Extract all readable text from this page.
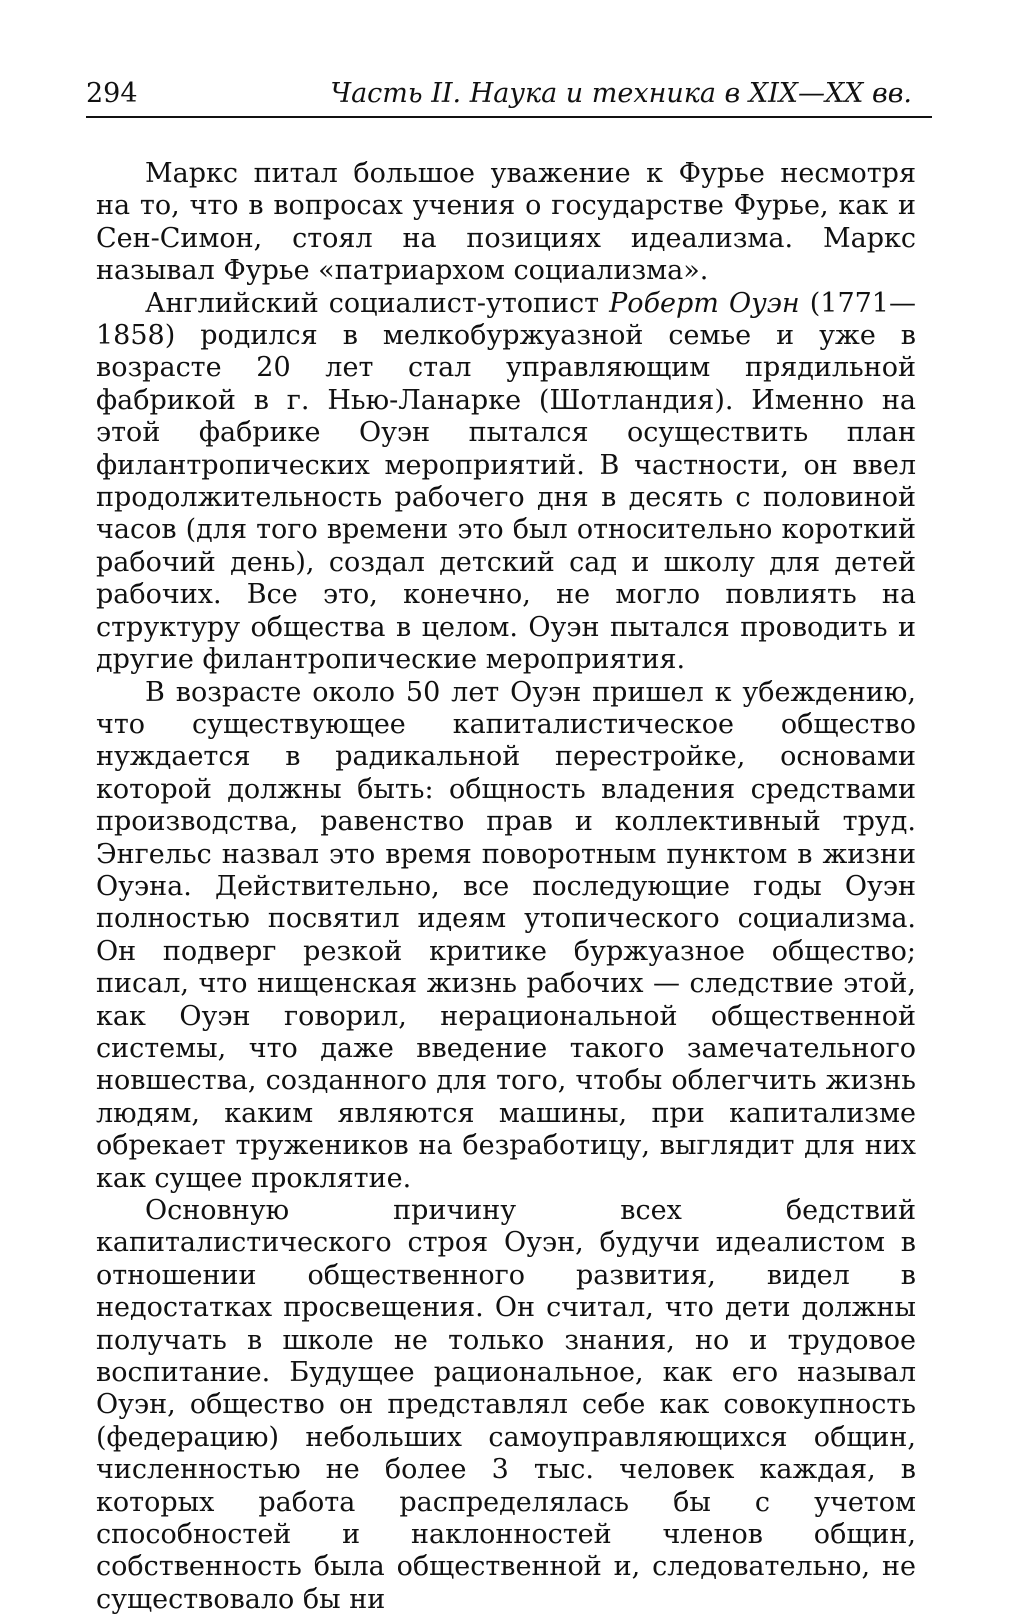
294	Часть II. Наука и техника в XIX—XX вв.

Маркс питал большое уважение к Фурье несмотря на то, что в вопросах учения о государстве Фурье, как и Сен-Симон, стоял на позициях идеализма. Маркс называл Фурье «патриархом социализма».

Английский социалист-утопист Роберт Оуэн (1771—1858) родился в мелкобуржуазной семье и уже в возрасте 20 лет стал управляющим прядильной фабрикой в г. Нью-Ланарке (Шотландия). Именно на этой фабрике Оуэн пытался осуществить план филантропических мероприятий. В частности, он ввел продолжительность рабочего дня в десять с половиной часов (для того времени это был относительно короткий рабочий день), создал детский сад и школу для детей рабочих. Все это, конечно, не могло повлиять на структуру общества в целом. Оуэн пытался проводить и другие филантропические мероприятия.

В возрасте около 50 лет Оуэн пришел к убеждению, что существующее капиталистическое общество нуждается в радикальной перестройке, основами которой должны быть: общность владения средствами производства, равенство прав и коллективный труд. Энгельс назвал это время поворотным пунктом в жизни Оуэна. Действительно, все последующие годы Оуэн полностью посвятил идеям утопического социализма. Он подверг резкой критике буржуазное общество; писал, что нищенская жизнь рабочих — следствие этой, как Оуэн говорил, нерациональной общественной системы, что даже введение такого замечательного новшества, созданного для того, чтобы облегчить жизнь людям, каким являются машины, при капитализме обрекает тружеников на безработицу, выглядит для них как сущее проклятие.

Основную причину всех бедствий капиталистического строя Оуэн, будучи идеалистом в отношении общественного развития, видел в недостатках просвещения. Он считал, что дети должны получать в школе не только знания, но и трудовое воспитание. Будущее рациональное, как его называл Оуэн, общество он представлял себе как совокупность (федерацию) небольших самоуправляющихся общин, численностью не более 3 тыс. человек каждая, в которых работа распределялась бы с учетом способностей и наклонностей членов общин, собственность была общественной и, следовательно, не существовало бы ни
